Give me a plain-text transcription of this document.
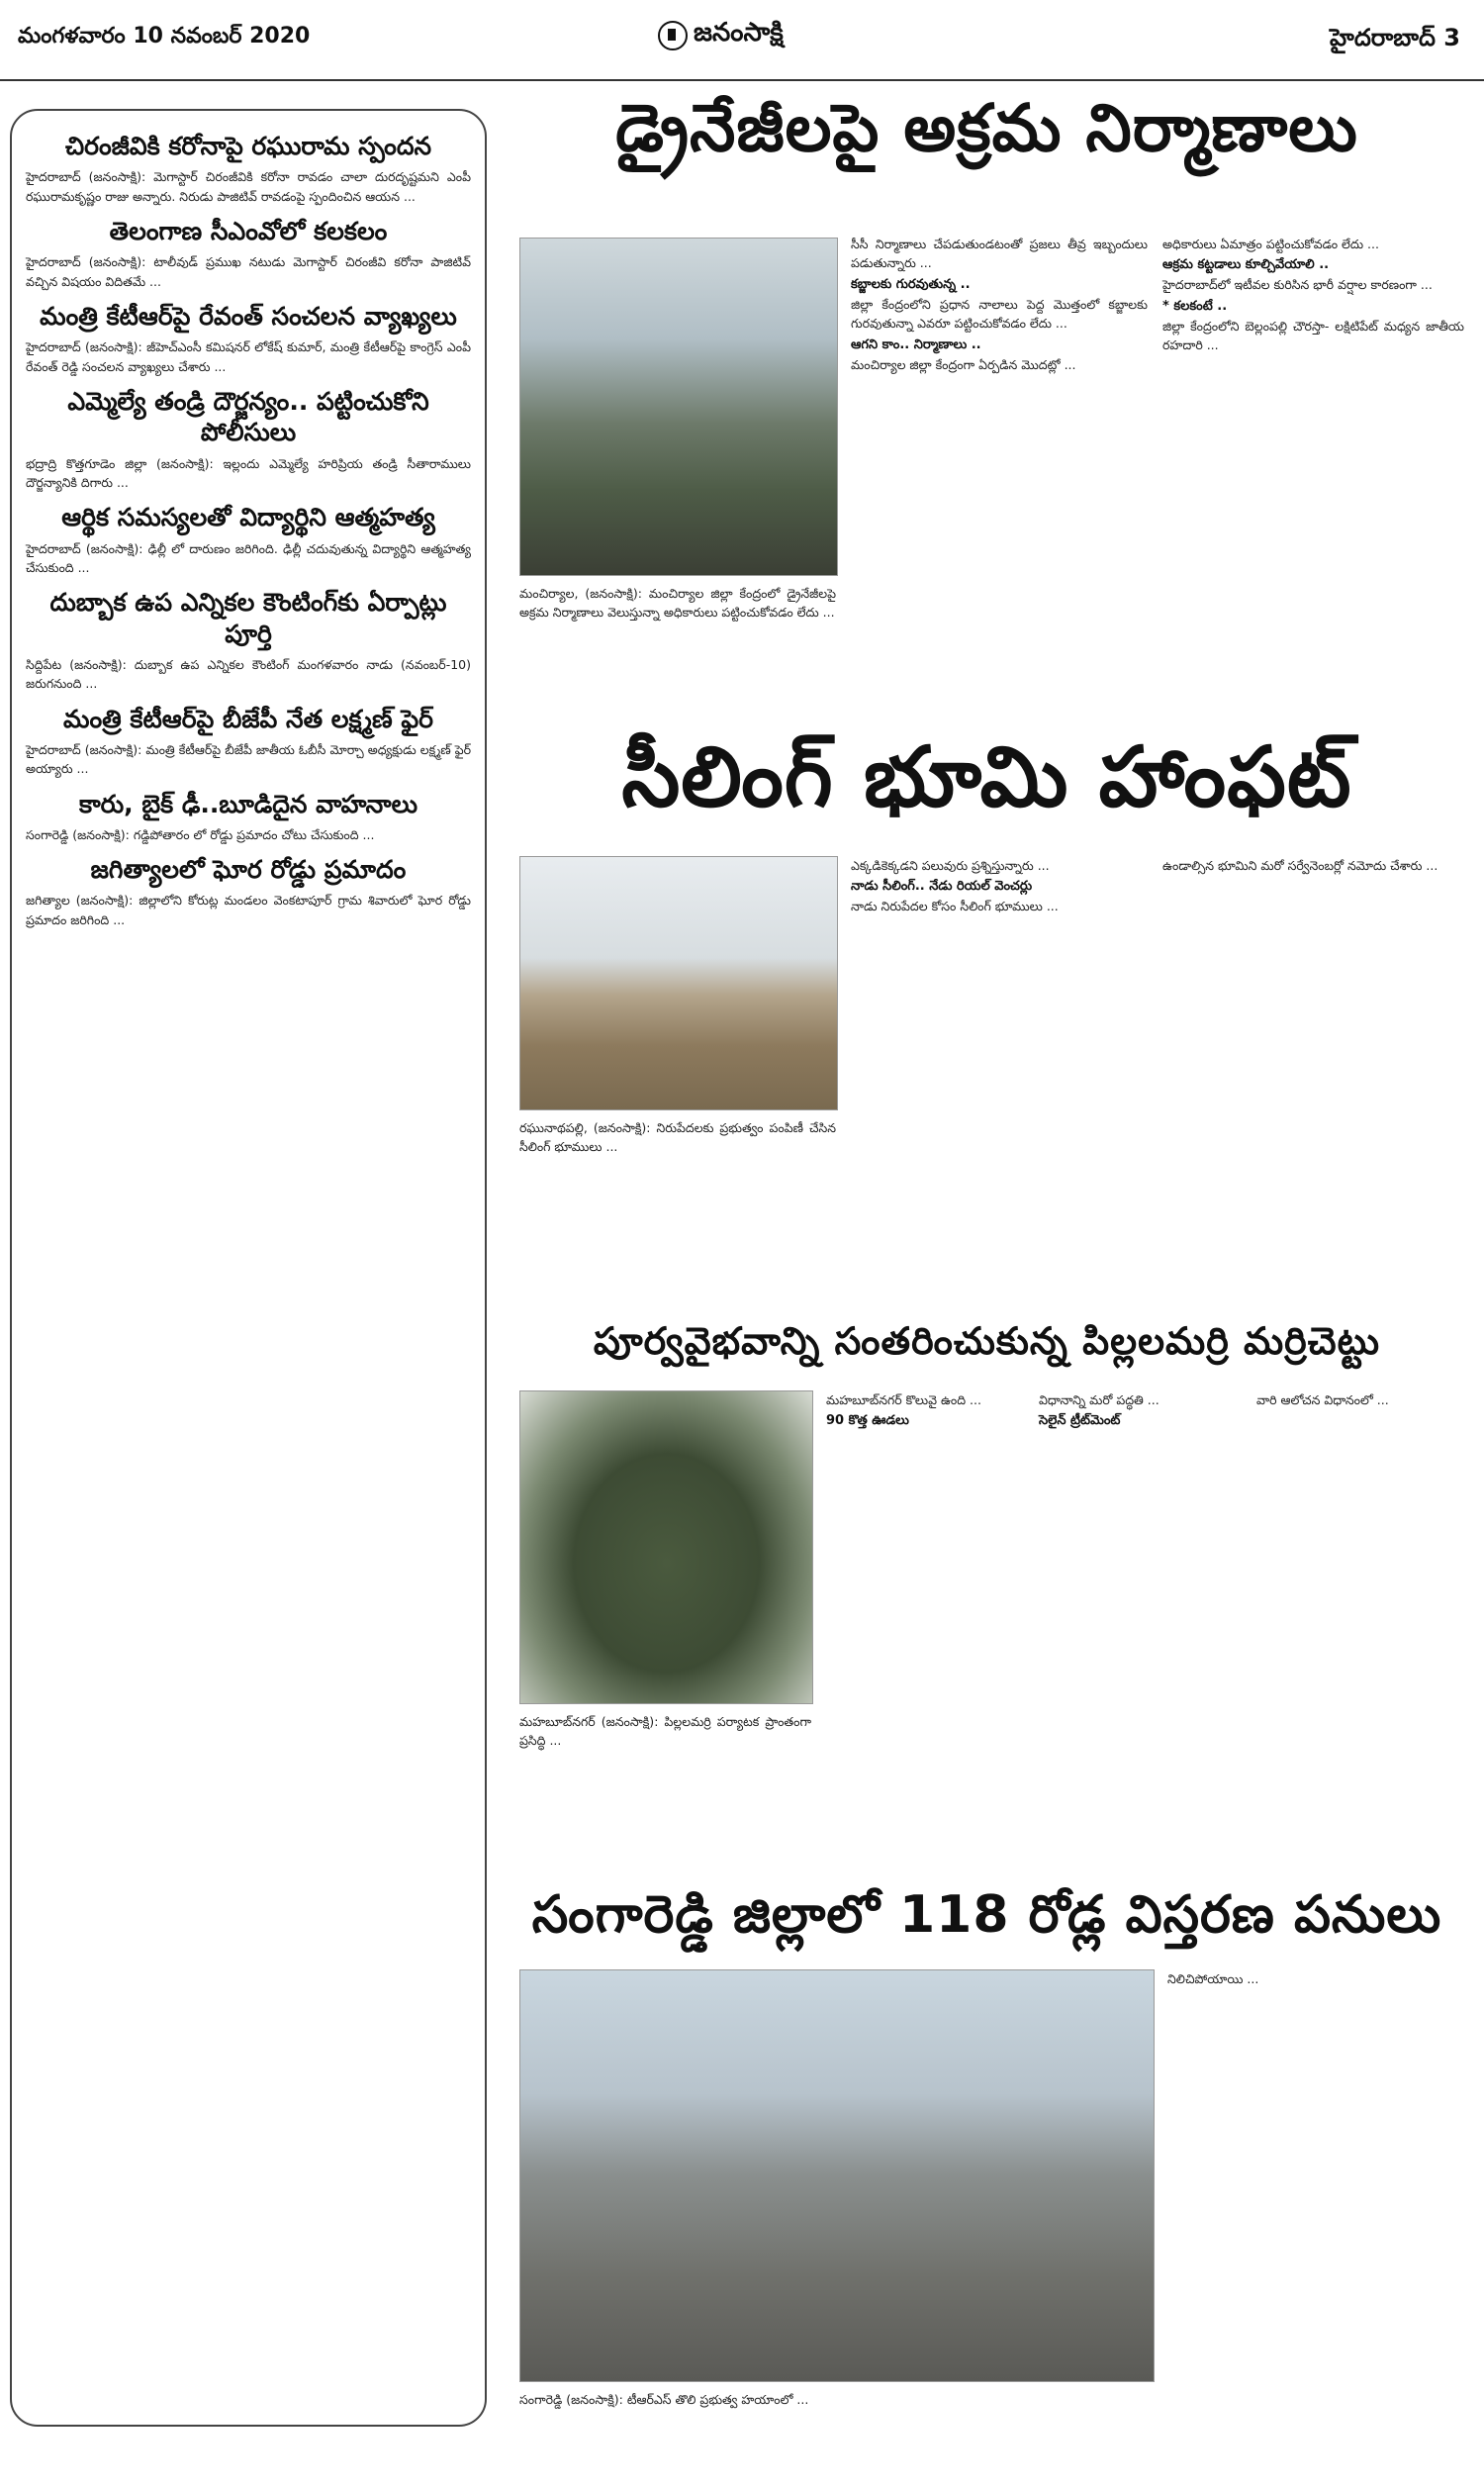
మంగళవారం 10 నవంబర్ 2020	జనంసాక్షి	హైదరాబాద్ 3
చిరంజీవికి కరోనాపై రఘురామ స్పందన
హైదరాబాద్ (జనంసాక్షి): మెగాస్టార్ చిరంజీవికి కరోనా రావడం చాలా దురదృష్టమని ఎంపీ రఘురామకృష్ణం రాజు అన్నారు. నిరుడు పాజిటివ్ రావడంపై స్పందించిన ఆయన ...
తెలంగాణ సీఎంవోలో కలకలం
హైదరాబాద్ (జనంసాక్షి): టాలీవుడ్ ప్రముఖ నటుడు మెగాస్టార్ చిరంజీవి కరోనా పాజిటివ్ వచ్చిన విషయం విదితమే ...
మంత్రి కేటీఆర్‌పై రేవంత్ సంచలన వ్యాఖ్యలు
హైదరాబాద్ (జనంసాక్షి): జీహెచ్‌ఎంసీ కమిషనర్ లోకేష్ కుమార్, మంత్రి కేటీఆర్‌పై కాంగ్రెస్ ఎంపీ రేవంత్ రెడ్డి సంచలన వ్యాఖ్యలు చేశారు ...
ఎమ్మెల్యే తండ్రి దౌర్జన్యం.. పట్టించుకోని పోలీసులు
భద్రాద్రి కొత్తగూడెం జిల్లా (జనంసాక్షి): ఇల్లందు ఎమ్మెల్యే హరిప్రియ తండ్రి సీతారాములు దౌర్జన్యానికి దిగారు ...
ఆర్థిక సమస్యలతో విద్యార్థిని ఆత్మహత్య
హైదరాబాద్ (జనంసాక్షి): ఢిల్లీ లో దారుణం జరిగింది. ఢిల్లీ చదువుతున్న విద్యార్థిని ఆత్మహత్య చేసుకుంది ...
దుబ్బాక ఉప ఎన్నికల కౌంటింగ్‌కు ఏర్పాట్లు పూర్తి
సిద్దిపేట (జనంసాక్షి): దుబ్బాక ఉప ఎన్నికల కౌంటింగ్ మంగళవారం నాడు (నవంబర్-10) జరుగనుంది ...
మంత్రి కేటీఆర్‌పై బీజేపీ నేత లక్ష్మణ్ ఫైర్
హైదరాబాద్ (జనంసాక్షి): మంత్రి కేటీఆర్‌పై బీజేపీ జాతీయ ఓబీసీ మోర్చా అధ్యక్షుడు లక్ష్మణ్ ఫైర్ అయ్యారు ...
కారు, బైక్ ఢీ..బూడిదైన వాహనాలు
సంగారెడ్డి (జనంసాక్షి): గడ్డిపోతారం లో రోడ్డు ప్రమాదం చోటు చేసుకుంది ...
జగిత్యాలలో ఘోర రోడ్డు ప్రమాదం
జగిత్యాల (జనంసాక్షి): జిల్లాలోని కోరుట్ల మండలం వెంకటాపూర్ గ్రామ శివారులో ఘోర రోడ్డు ప్రమాదం జరిగింది ...
డ్రైనేజీలపై అక్రమ నిర్మాణాలు
మంచిర్యాల, (జనంసాక్షి): మంచిర్యాల జిల్లా కేంద్రంలో డ్రైనేజీలపై అక్రమ నిర్మాణాలు వెలుస్తున్నా అధికారులు పట్టించుకోవడం లేదు ...
సీసీ నిర్మాణాలు చేపడుతుండటంతో ప్రజలు తీవ్ర ఇబ్బందులు పడుతున్నారు ...
కబ్జాలకు గురవుతున్న ..
జిల్లా కేంద్రంలోని ప్రధాన నాలాలు పెద్ద మొత్తంలో కబ్జాలకు గురవుతున్నా ఎవరూ పట్టించుకోవడం లేదు ...
ఆగని కాం.. నిర్మాణాలు ..
మంచిర్యాల జిల్లా కేంద్రంగా ఏర్పడిన మొదట్లో ...
అధికారులు ఏమాత్రం పట్టించుకోవడం లేదు ...
ఆక్రమ కట్టడాలు కూల్చివేయాలి ..
హైదరాబాద్‌లో ఇటీవల కురిసిన భారీ వర్షాల కారణంగా ...
* కలకంటే ..
జిల్లా కేంద్రంలోని బెల్లంపల్లి చౌరస్తా- లక్షిటిపేట్ మధ్యన జాతీయ రహదారి ...
సీలింగ్ భూమి హాంఫట్
రఘునాథపల్లి, (జనంసాక్షి): నిరుపేదలకు ప్రభుత్వం పంపిణీ చేసిన సీలింగ్ భూములు ...
ఎక్కడికెక్కడని పలువురు ప్రశ్నిస్తున్నారు ...
నాడు సీలింగ్.. నేడు రియల్ వెంచర్లు
నాడు నిరుపేదల కోసం సీలింగ్ భూములు ...
ఉండాల్సిన భూమిని మరో సర్వేనెంబర్లో నమోదు చేశారు ...
పూర్వవైభవాన్ని సంతరించుకున్న పిల్లలమర్రి మర్రిచెట్టు
మహబూబ్‌నగర్ (జనంసాక్షి): పిల్లలమర్రి పర్యాటక ప్రాంతంగా ప్రసిద్ధి ...
మహబూబ్‌నగర్ కొలువై ఉంది ...
90 కొత్త ఊడలు
విధానాన్ని మరో పద్ధతి ...
సెలైన్ ట్రీట్‌మెంట్
వారి ఆలోచన విధానంలో ...
సంగారెడ్డి జిల్లాలో 118 రోడ్ల విస్తరణ పనులు
సంగారెడ్డి (జనంసాక్షి): టీఆర్‌ఎస్ తొలి ప్రభుత్వ హయాంలో ...
నిలిచిపోయాయి ...
